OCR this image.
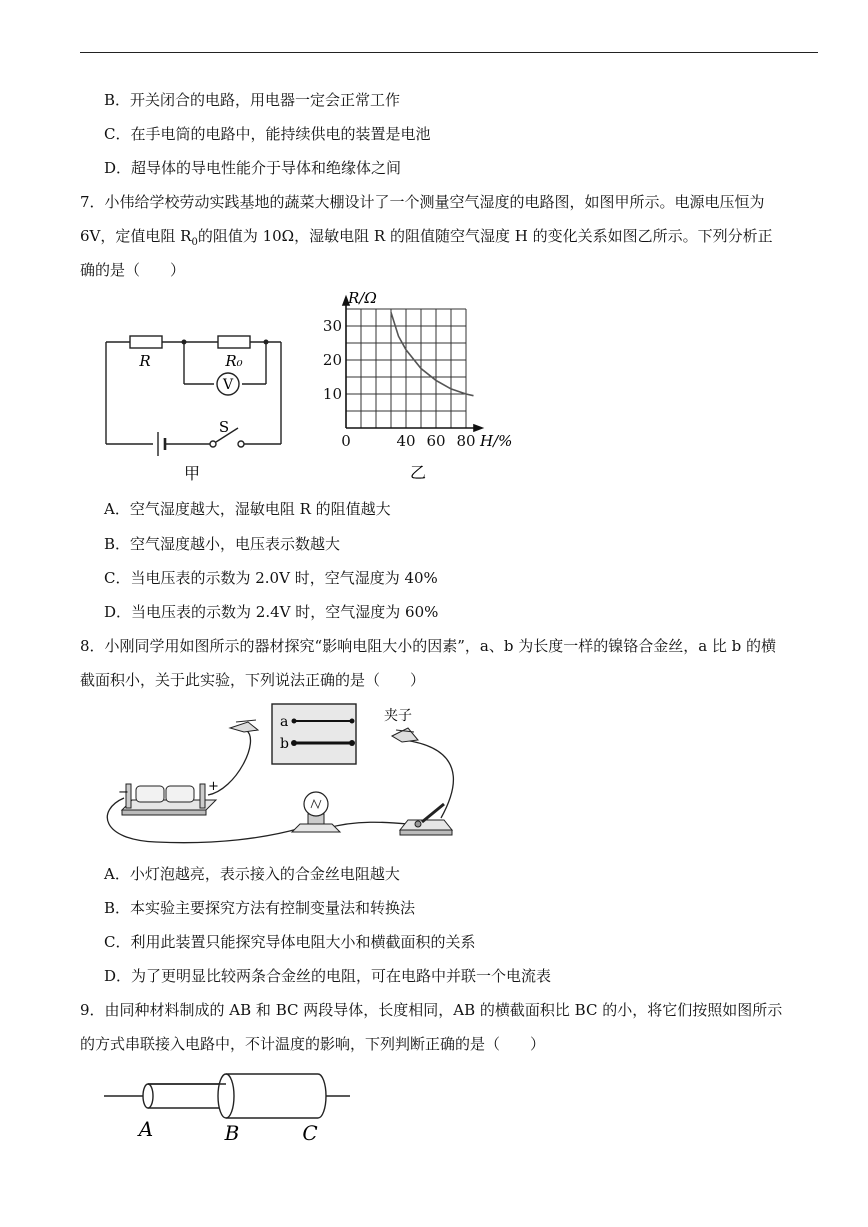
B．开关闭合的电路，用电器一定会正常工作
C．在手电筒的电路中，能持续供电的装置是电池
D．超导体的导电性能介于导体和绝缘体之间
7．小伟给学校劳动实践基地的蔬菜大棚设计了一个测量空气湿度的电路图，如图甲所示。电源电压恒为
6V，定值电阻 $R_0$的阻值为 10Ω，湿敏电阻 R 的阻值随空气湿度 H 的变化关系如图乙所示。下列分析正
确的是（　　）
R	R₀
V
S
甲
0	40 60 80
10
20
30
R/Ω
H/%
乙
A．空气湿度越大，湿敏电阻 R 的阻值越大
B．空气湿度越小，电压表示数越大
C．当电压表的示数为 2.0V 时，空气湿度为 40%
D．当电压表的示数为 2.4V 时，空气湿度为 60%
8．小刚同学用如图所示的器材探究“影响电阻大小的因素”，a、b 为长度一样的镍铬合金丝，a 比 b 的横
截面积小，关于此实验，下列说法正确的是（　　）
a
b
夹子
−	+
A．小灯泡越亮，表示接入的合金丝电阻越大
B．本实验主要探究方法有控制变量法和转换法
C．利用此装置只能探究导体电阻大小和横截面积的关系
D．为了更明显比较两条合金丝的电阻，可在电路中并联一个电流表
9．由同种材料制成的 AB 和 BC 两段导体，长度相同，AB 的横截面积比 BC 的小，将它们按照如图所示
的方式串联接入电路中，不计温度的影响，下列判断正确的是（　　）
A	B	C
